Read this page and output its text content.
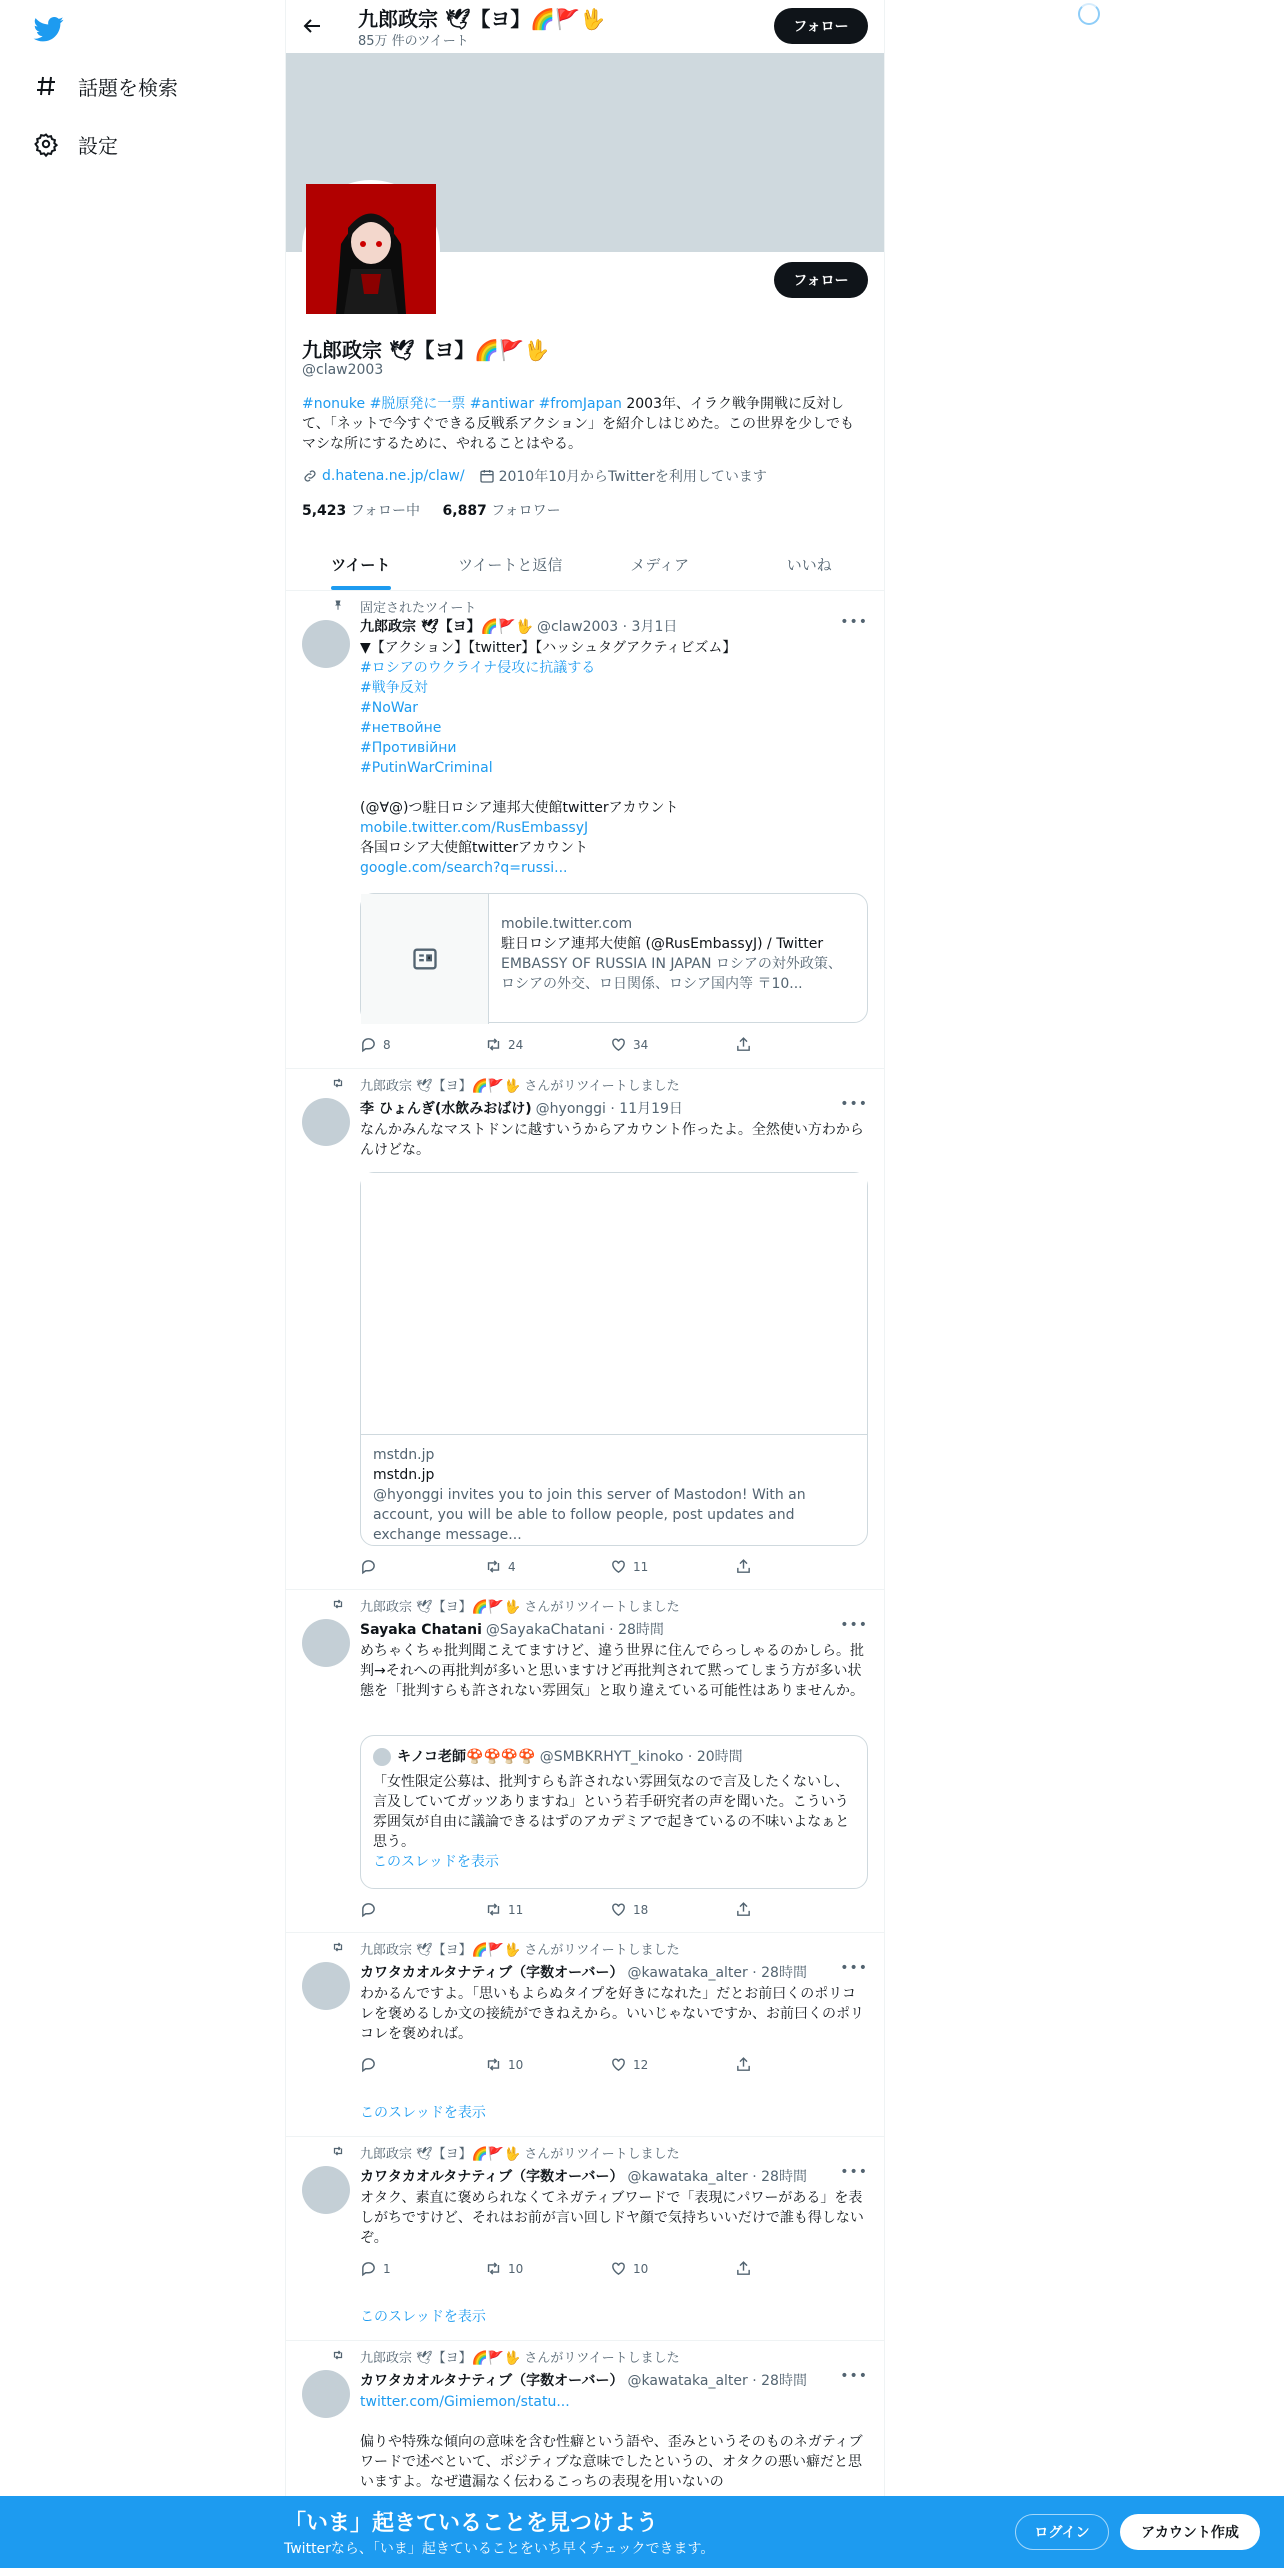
話題を検索
設定
九郎政宗 🕊【ヨ】🌈🚩🖖
85万 件のツイート
フォロー
フォロー
九郎政宗 🕊【ヨ】🌈🚩🖖
@claw2003
#nonuke #脱原発に一票 #antiwar #fromJapan 2003年、イラク戦争開戦に反対して、「ネットで今すぐできる反戦系アクション」を紹介しはじめた。この世界を少しでもマシな所にするために、やれることはやる。
d.hatena.ne.jp/claw/ 2010年10月からTwitterを利用しています
5,423 フォロー中 6,887 フォロワー
ツイート	ツイートと返信	メディア	いいね
固定されたツイート
九郎政宗 🕊【ヨ】🌈🚩🖖 @claw2003 · 3月1日	•••
▼【アクション】【twitter】【ハッシュタグアクティビズム】
#ロシアのウクライナ侵攻に抗議する
#戦争反対
#NoWar
#нетвойне
#Противійни
#PutinWarCriminal
(@∀@)つ駐日ロシア連邦大使館twitterアカウント
mobile.twitter.com/RusEmbassyJ
各国ロシア大使館twitterアカウント
google.com/search?q=russi...
mobile.twitter.com
駐日ロシア連邦大使館 (@RusEmbassyJ) / Twitter
EMBASSY OF RUSSIA IN JAPAN ロシアの対外政策、ロシアの外交、ロ日関係、ロシア国内等 〒10...
8	24	34
九郎政宗 🕊【ヨ】🌈🚩🖖 さんがリツイートしました
李 ひょんぎ(水飲みおばけ) @hyonggi · 11月19日	•••
なんかみんなマストドンに越すいうからアカウント作ったよ。全然使い方わからんけどな。
mstdn.jp
mstdn.jp
@hyonggi invites you to join this server of Mastodon! With an account, you will be able to follow people, post updates and exchange message...
4	11
九郎政宗 🕊【ヨ】🌈🚩🖖 さんがリツイートしました
Sayaka Chatani @SayakaChatani · 28時間	•••
めちゃくちゃ批判聞こえてますけど、違う世界に住んでらっしゃるのかしら。批判→それへの再批判が多いと思いますけど再批判されて黙ってしまう方が多い状態を「批判すらも許されない雰囲気」と取り違えている可能性はありませんか。
キノコ老師🍄🍄🍄🍄 @SMBKRHYT_kinoko · 20時間
「女性限定公募は、批判すらも許されない雰囲気なので言及したくないし、言及していてガッツありますね」という若手研究者の声を聞いた。こういう雰囲気が自由に議論できるはずのアカデミアで起きているの不味いよなぁと思う。
このスレッドを表示
11	18
九郎政宗 🕊【ヨ】🌈🚩🖖 さんがリツイートしました
カワタカオルタナティブ（字数オーバー） @kawataka_alter · 28時間 •••
わかるんですよ。「思いもよらぬタイプを好きになれた」だとお前曰くのポリコレを褒めるしか文の接続ができねえから。いいじゃないですか、お前曰くのポリコレを褒めれば。
10	12
このスレッドを表示
九郎政宗 🕊【ヨ】🌈🚩🖖 さんがリツイートしました
カワタカオルタナティブ（字数オーバー） @kawataka_alter · 28時間 •••
オタク、素直に褒められなくてネガティブワードで「表現にパワーがある」を表しがちですけど、それはお前が言い回しドヤ顔で気持ちいいだけで誰も得しないぞ。
1	10	10
このスレッドを表示
九郎政宗 🕊【ヨ】🌈🚩🖖 さんがリツイートしました
カワタカオルタナティブ（字数オーバー） @kawataka_alter · 28時間 •••
twitter.com/Gimiemon/statu...
偏りや特殊な傾向の意味を含む性癖という語や、歪みというそのものネガティブワードで述べといて、ポジティブな意味でしたというの、オタクの悪い癖だと思いますよ。なぜ遺漏なく伝わるこっちの表現を用いないの
「いま」起きていることを見つけよう
Twitterなら、「いま」起きていることをいち早くチェックできます。
ログイン	アカウント作成
